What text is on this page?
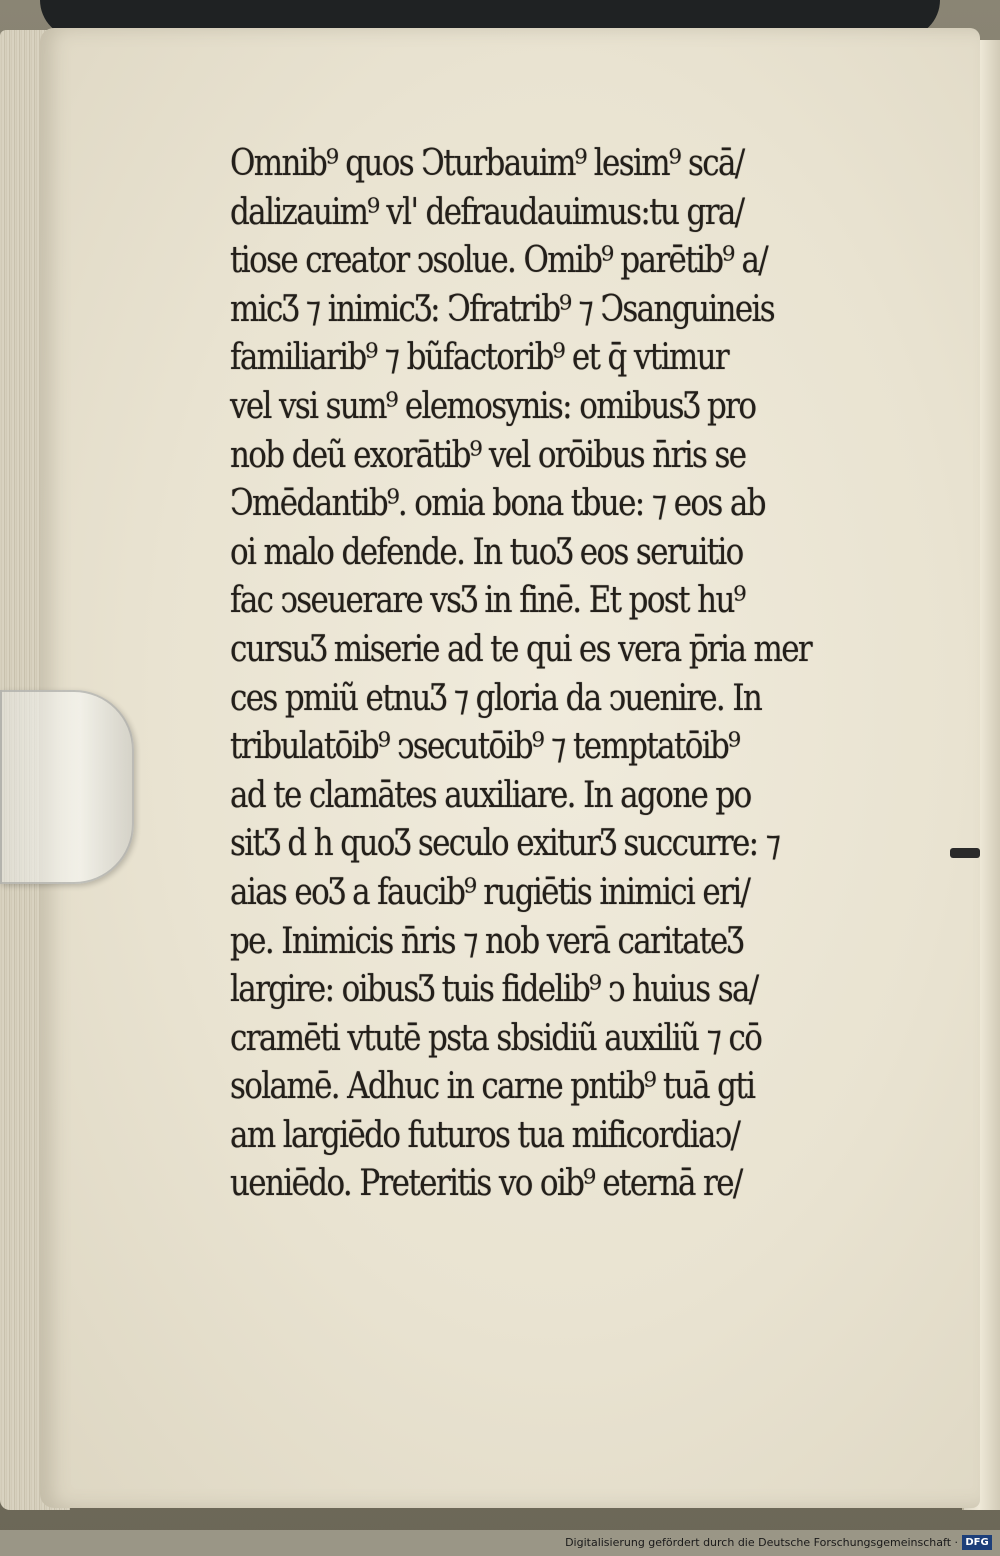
Omnib⁹ quos Ↄturbauim⁹ lesim⁹ scā/
dalizauim⁹ vl' defraudauimus:tu gra/
tiose creator ↄsolue. Omib⁹ parētib⁹ a/
micƷ ⁊ inimicƷ: Ↄfratrib⁹ ⁊ Ↄsanguineis
familiarib⁹ ⁊ bũfactorib⁹ et q̄ vtimur
vel vsi sum⁹ elemosynis: omibusƷ pro
nob deũ exorātib⁹ vel orōibus n̄ris se
Ↄmēdantib⁹. omia bona tbue: ⁊ eos ab
oi malo defende. In tuoƷ eos seruitio
fac ↄseuerare vsƷ in finē. Et post hu⁹
cursuƷ miserie ad te qui es vera p̄ria mer
ces pmiũ etnuƷ ⁊ gloria da ↄuenire. In
tribulatōib⁹ ↄsecutōib⁹ ⁊ temptatōib⁹
ad te clamātes auxiliare. In agone po
sitƷ d h quoƷ seculo exiturƷ succurre: ⁊
aias eoƷ a faucib⁹ rugiētis inimici eri/
pe. Inimicis n̄ris ⁊ nob verā caritateƷ
largire: oibusƷ tuis fidelib⁹ ↄ huius sa/
cramēti vtutē psta sbsidiũ auxiliũ ⁊ cō
solamē. Adhuc in carne pntib⁹ tuā gti
am largiēdo futuros tua mificordiaↄ/
ueniēdo. Preteritis vo oib⁹ eternā re/
Digitalisierung gefördert durch die Deutsche Forschungsgemeinschaft · DFG
